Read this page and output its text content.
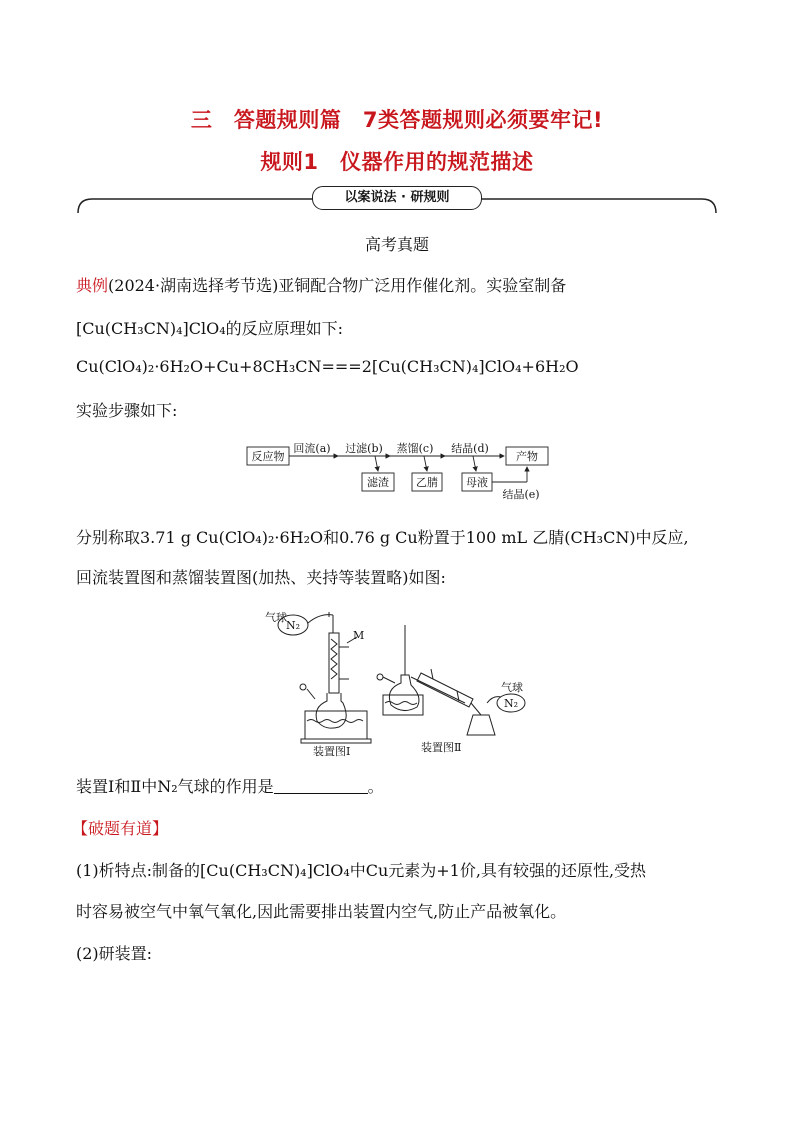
三　答题规则篇　7类答题规则必须要牢记!
规则1　仪器作用的规范描述
以案说法 · 研规则
高考真题
典例(2024·湖南选择考节选)亚铜配合物广泛用作催化剂。实验室制备
[Cu(CH₃CN)₄]ClO₄的反应原理如下:
Cu(ClO₄)₂·6H₂O+Cu+8CH₃CN===2[Cu(CH₃CN)₄]ClO₄+6H₂O
实验步骤如下:
反应物
回流(a) 过滤(b) 蒸馏(c) 结晶(d)
产物
滤渣 乙腈	母液
结晶(e)
分别称取3.71 g Cu(ClO₄)₂·6H₂O和0.76 g Cu粉置于100 mL 乙腈(CH₃CN)中反应,
回流装置图和蒸馏装置图(加热、夹持等装置略)如图:
气球
N₂
M
装置图Ⅰ
气球
N₂
装置图Ⅱ
装置Ⅰ和Ⅱ中N₂气球的作用是	。
【破题有道】
(1)析特点:制备的[Cu(CH₃CN)₄]ClO₄中Cu元素为+1价,具有较强的还原性,受热
时容易被空气中氧气氧化,因此需要排出装置内空气,防止产品被氧化。
(2)研装置:
